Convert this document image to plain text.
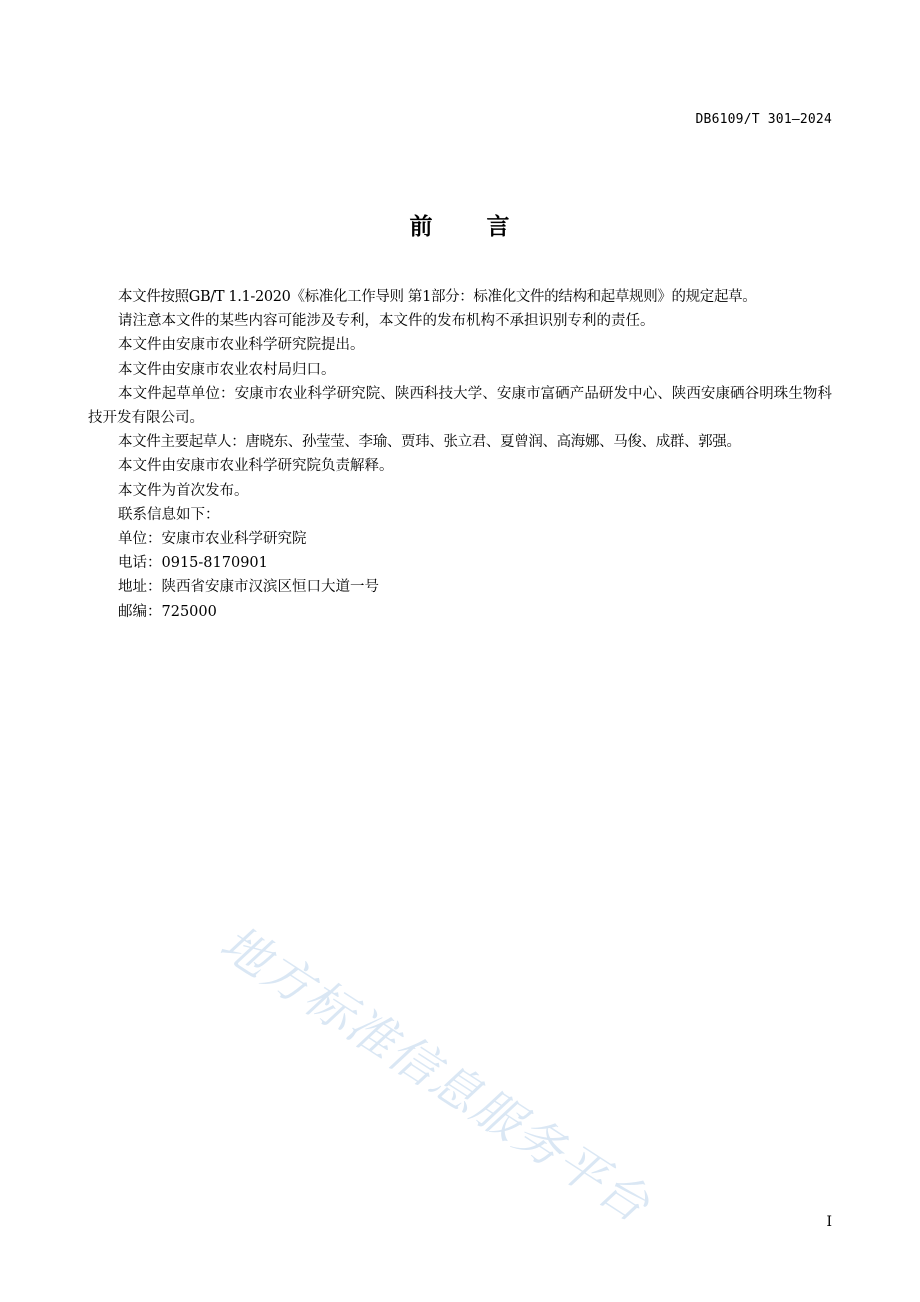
DB6109/T 301—2024
前 言

本文件按照GB/T 1.1-2020《标准化工作导则 第1部分：标准化文件的结构和起草规则》的规定起草。

请注意本文件的某些内容可能涉及专利，本文件的发布机构不承担识别专利的责任。

本文件由安康市农业科学研究院提出。

本文件由安康市农业农村局归口。

本文件起草单位：安康市农业科学研究院、陕西科技大学、安康市富硒产品研发中心、陕西安康硒谷明珠生物科技开发有限公司。

本文件主要起草人：唐晓东、孙莹莹、李瑜、贾玮、张立君、夏曾润、高海娜、马俊、成群、郭强。

本文件由安康市农业科学研究院负责解释。

本文件为首次发布。

联系信息如下：

单位：安康市农业科学研究院

电话：0915-8170901

地址：陕西省安康市汉滨区恒口大道一号

邮编：725000

地方标准信息服务平台	I
